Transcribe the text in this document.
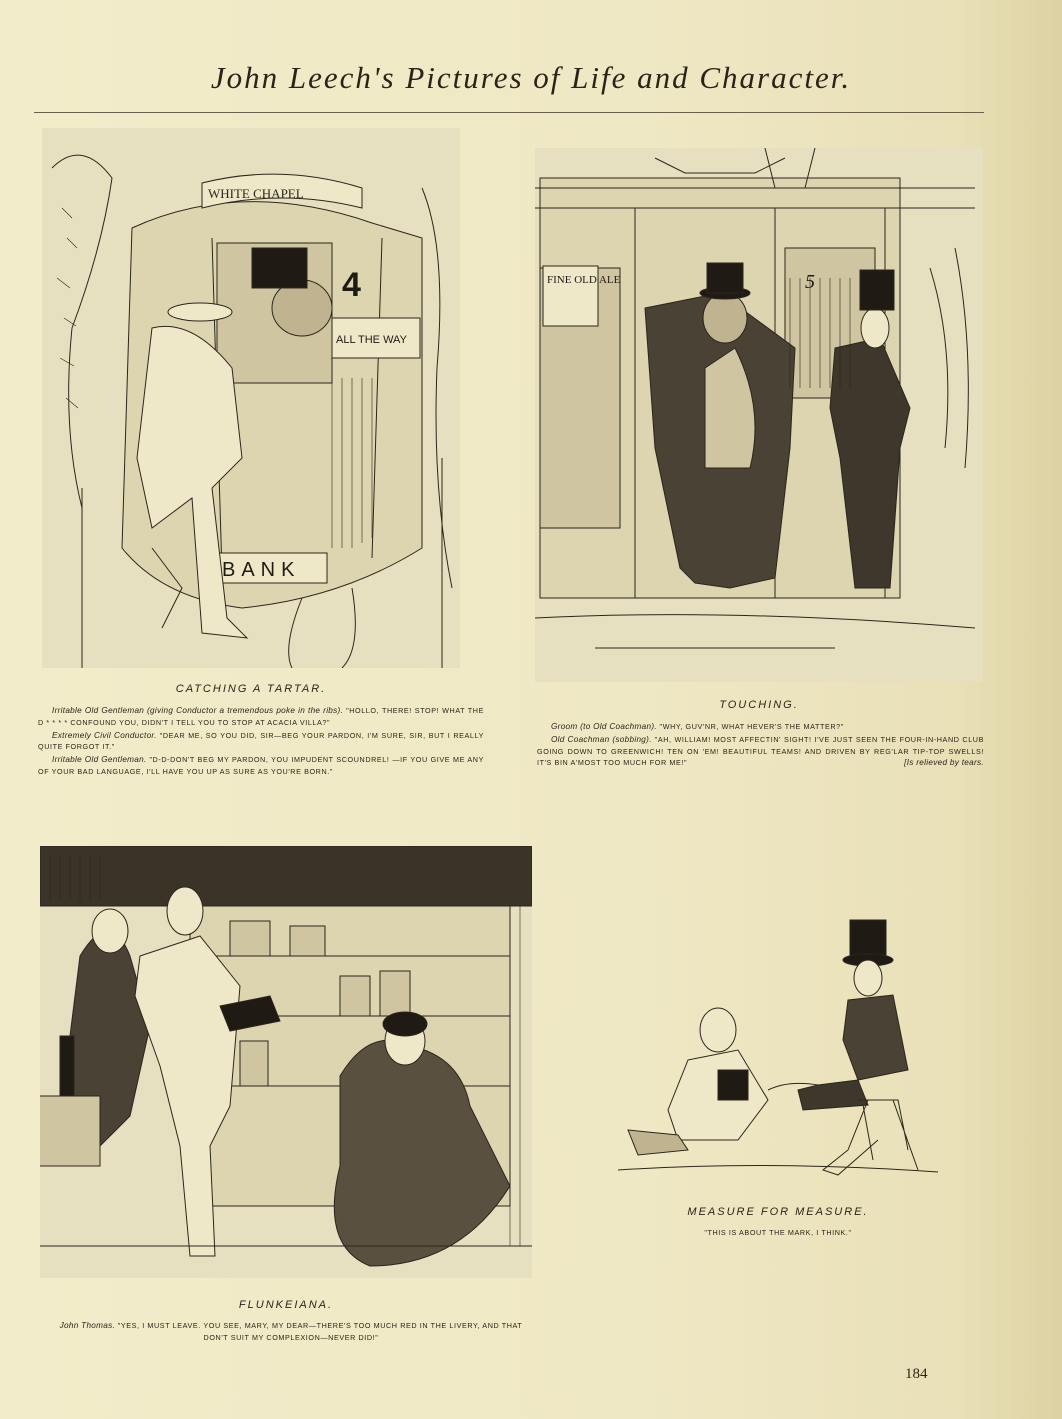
John Leech's Pictures of Life and Character.
WHITE CHAPEL
4
ALL THE WAY
BANK
CATCHING A TARTAR.

Irritable Old Gentleman (giving Conductor a tremendous poke in the ribs). "HOLLO, THERE! STOP! WHAT THE D * * * * CONFOUND YOU, DIDN'T I TELL YOU TO STOP AT ACACIA VILLA?"

Extremely Civil Conductor. "DEAR ME, SO YOU DID, SIR—BEG YOUR PARDON, I'M SURE, SIR, BUT I REALLY QUITE FORGOT IT."

Irritable Old Gentleman. "D-D-DON'T BEG MY PARDON, YOU IMPUDENT SCOUNDREL! —IF YOU GIVE ME ANY OF YOUR BAD LANGUAGE, I'LL HAVE YOU UP AS SURE AS YOU'RE BORN."

FINE OLD ALE	5
TOUCHING.

Groom (to Old Coachman). "WHY, GUV'NR, WHAT HEVER'S THE MATTER?"

Old Coachman (sobbing). "AH, WILLIAM! MOST AFFECTIN' SIGHT! I'VE JUST SEEN THE FOUR-IN-HAND CLUB GOING DOWN TO GREENWICH! TEN ON 'EM! BEAUTIFUL TEAMS! AND DRIVEN BY REG'LAR TIP-TOP SWELLS! IT'S BIN A'MOST TOO MUCH FOR ME!"	[Is relieved by tears.

FLUNKEIANA.

John Thomas. "YES, I MUST LEAVE. YOU SEE, MARY, MY DEAR—THERE'S TOO MUCH RED IN THE LIVERY, AND THAT DON'T SUIT MY COMPLEXION—NEVER DID!"

MEASURE FOR MEASURE.

"THIS IS ABOUT THE MARK, I THINK."

184
